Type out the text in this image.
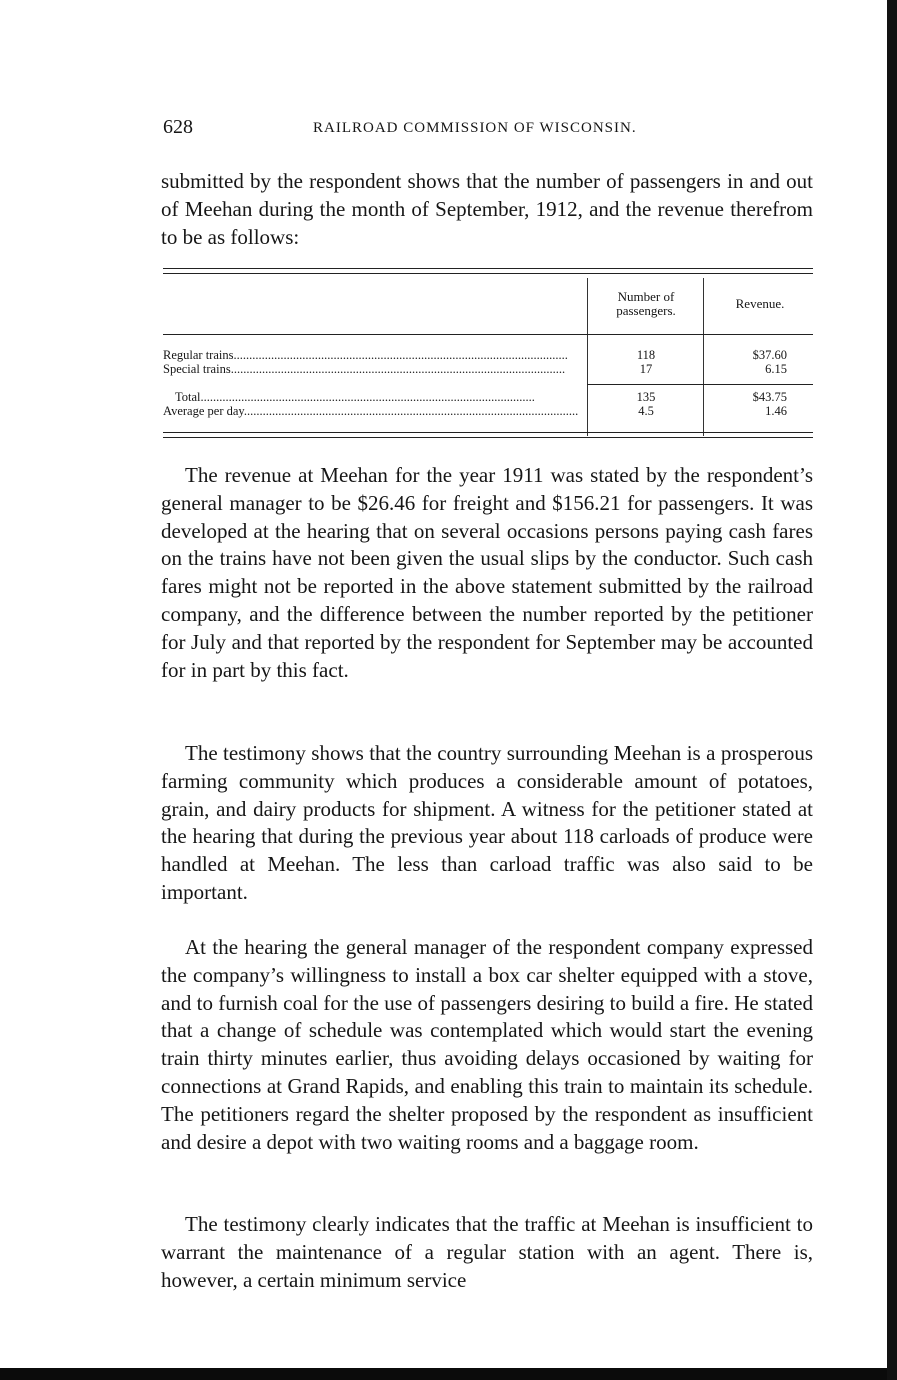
628	RAILROAD COMMISSION OF WISCONSIN.

submitted by the respondent shows that the number of passengers in and out of Meehan during the month of September, 1912, and the revenue therefrom to be as follows:

Number of passengers.	Revenue.
Regular trains...........................................................................................................	118	$37.60
Special trains...........................................................................................................	17	6.15
Total...........................................................................................................	135	$43.75
Average per day...........................................................................................................	4.5	1.46

The revenue at Meehan for the year 1911 was stated by the respondent’s general manager to be $26.46 for freight and $156.21 for passengers. It was developed at the hearing that on several occasions persons paying cash fares on the trains have not been given the usual slips by the conductor. Such cash fares might not be reported in the above statement submitted by the railroad company, and the difference between the number reported by the petitioner for July and that reported by the respondent for September may be accounted for in part by this fact.

The testimony shows that the country surrounding Meehan is a prosperous farming community which produces a considerable amount of potatoes, grain, and dairy products for shipment. A witness for the petitioner stated at the hearing that during the previous year about 118 carloads of produce were handled at Meehan. The less than carload traffic was also said to be important.

At the hearing the general manager of the respondent company expressed the company’s willingness to install a box car shelter equipped with a stove, and to furnish coal for the use of passengers desiring to build a fire. He stated that a change of schedule was contemplated which would start the evening train thirty minutes earlier, thus avoiding delays occasioned by waiting for connections at Grand Rapids, and enabling this train to maintain its schedule. The petitioners regard the shelter proposed by the respondent as insufficient and desire a depot with two waiting rooms and a baggage room.

The testimony clearly indicates that the traffic at Meehan is insufficient to warrant the maintenance of a regular station with an agent. There is, however, a certain minimum service
